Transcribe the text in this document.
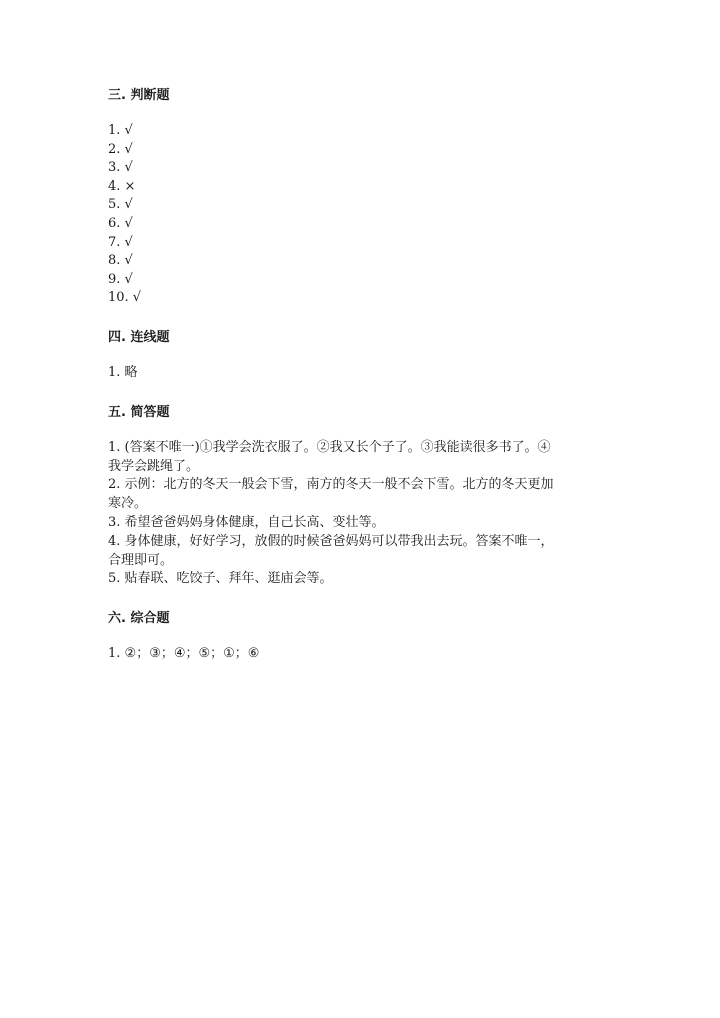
三. 判断题
1. √
2. √
3. √
4. ×
5. √
6. √
7. √
8. √
9. √
10. √
四. 连线题
1. 略
五. 简答题
1. (答案不唯一)①我学会洗衣服了。②我又长个子了。③我能读很多书了。④
我学会跳绳了。
2. 示例：北方的冬天一般会下雪，南方的冬天一般不会下雪。北方的冬天更加
寒冷。
3. 希望爸爸妈妈身体健康，自己长高、变壮等。
4. 身体健康，好好学习，放假的时候爸爸妈妈可以带我出去玩。答案不唯一，
合理即可。
5. 贴春联、吃饺子、拜年、逛庙会等。
六. 综合题
1. ②；③；④；⑤；①；⑥
